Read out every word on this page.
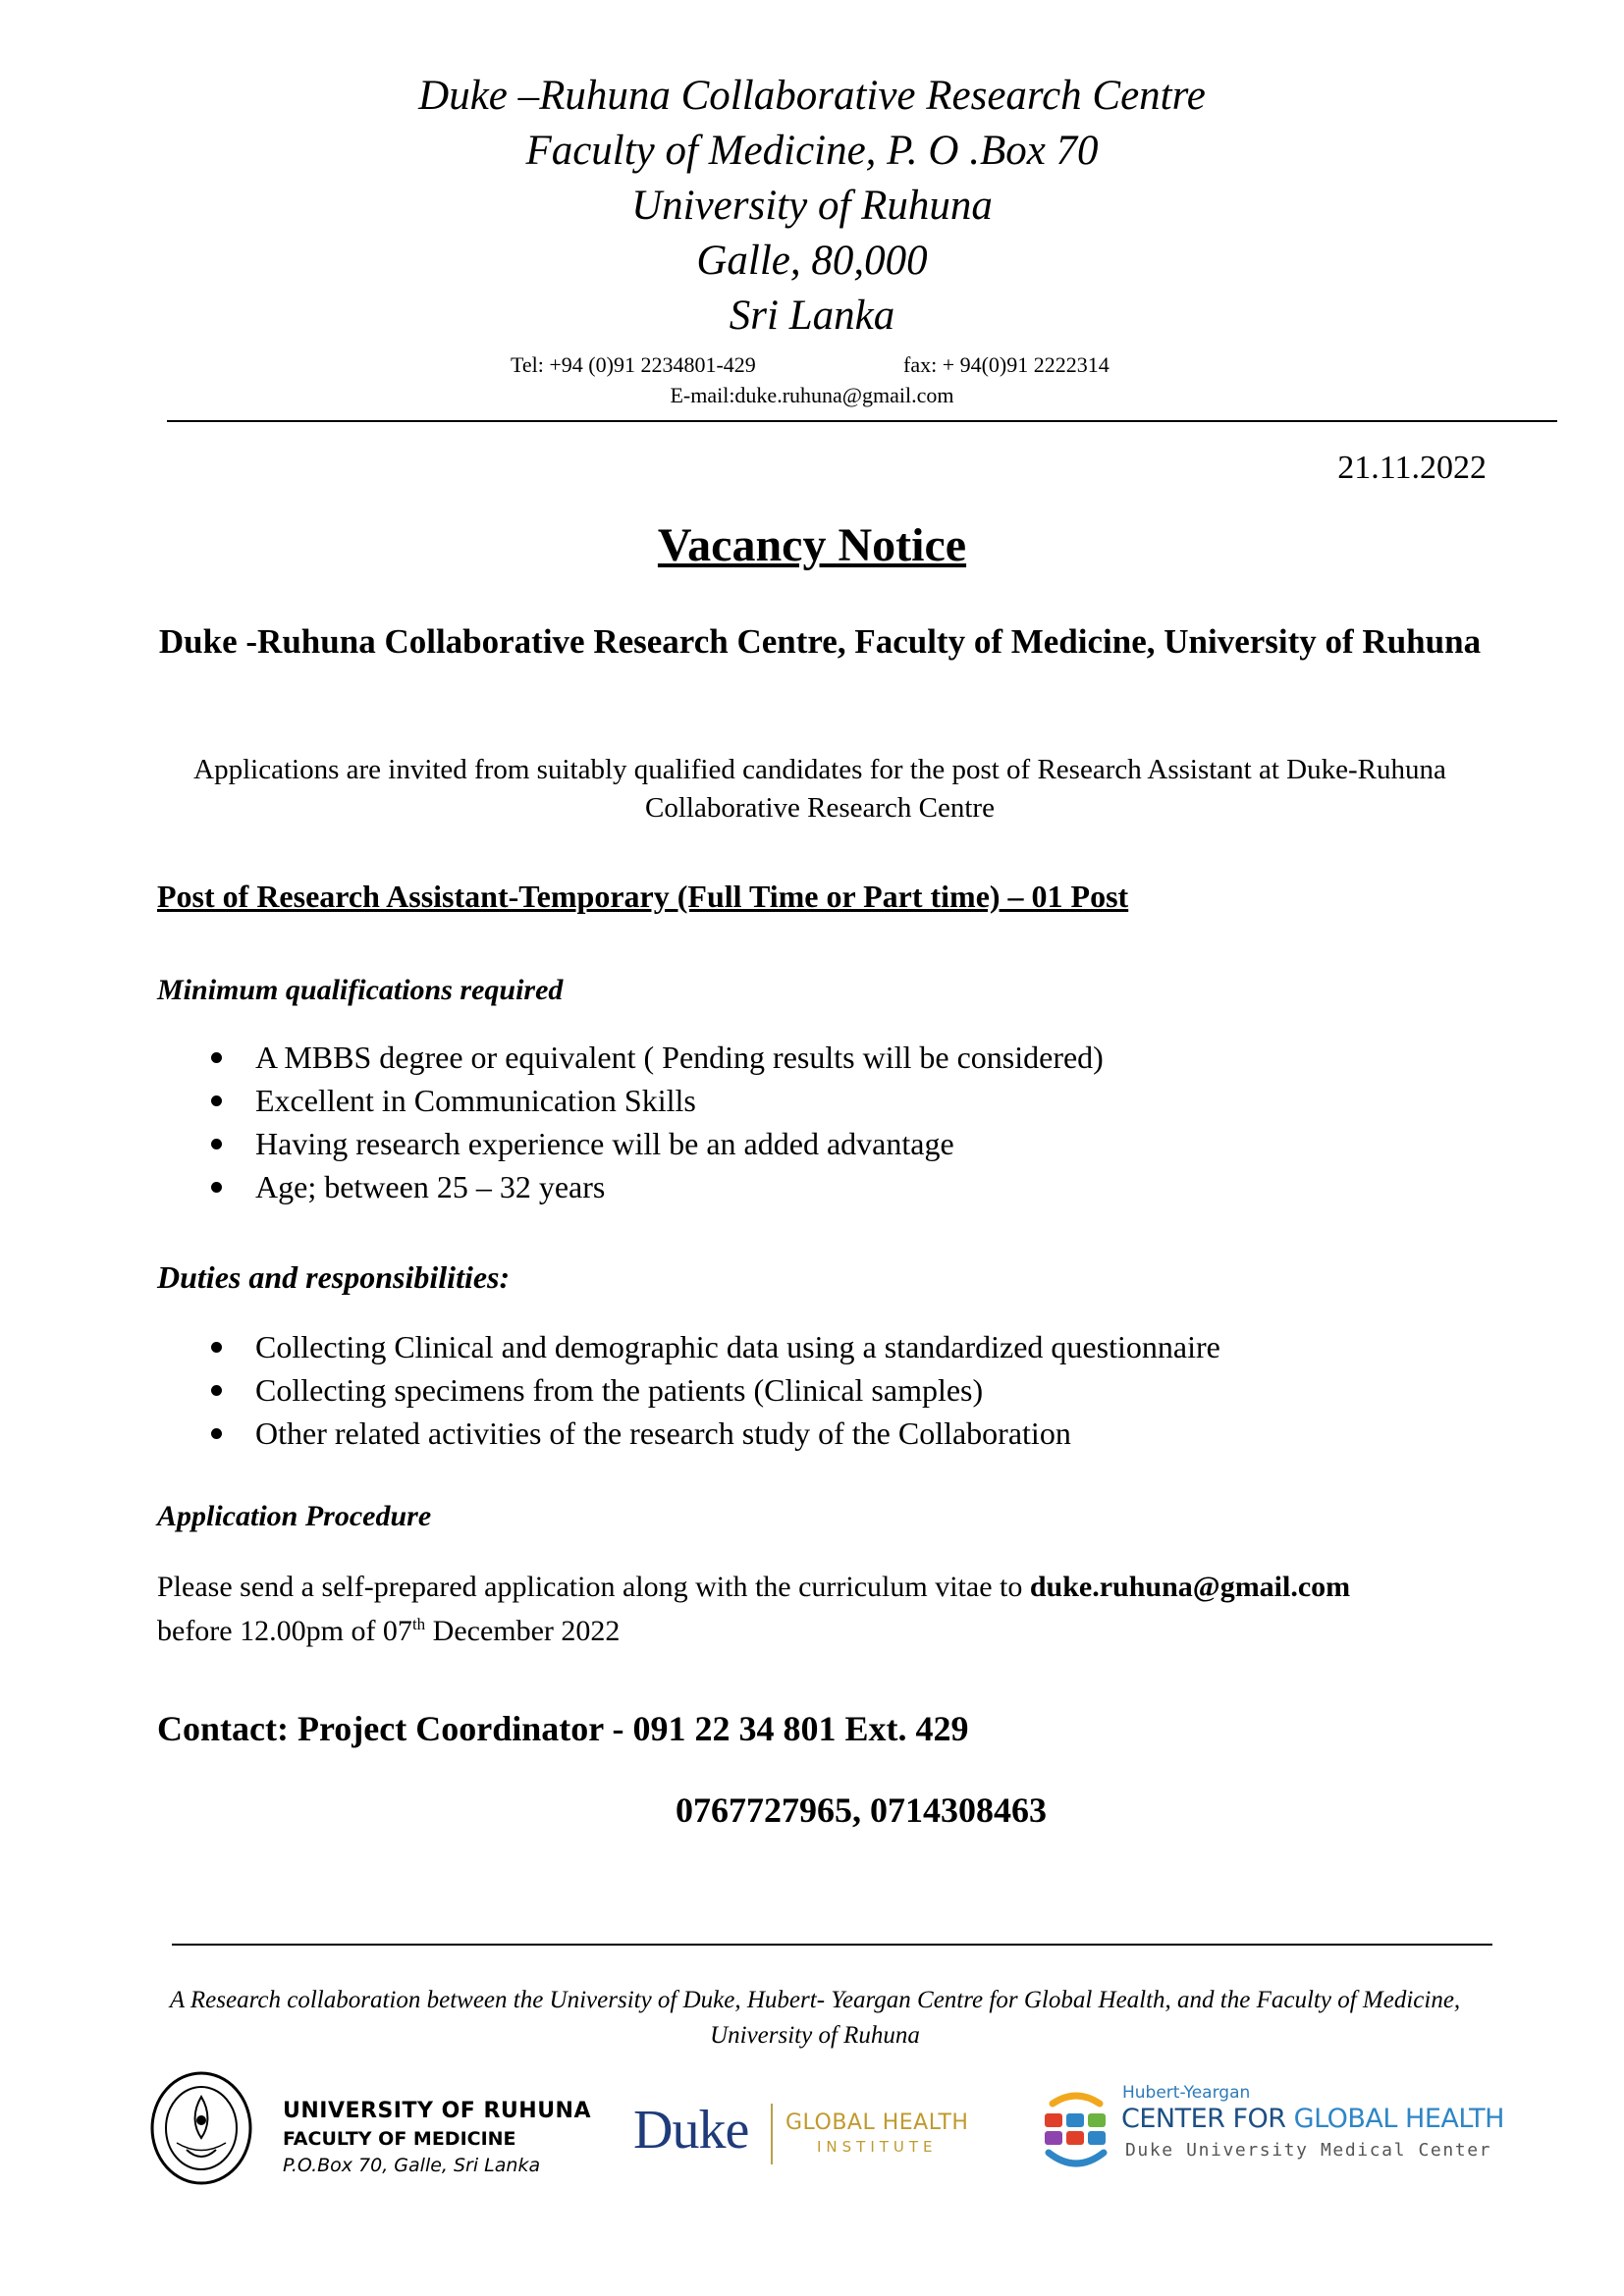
Duke –Ruhuna Collaborative Research Centre
Faculty of Medicine, P. O .Box 70
University of Ruhuna
Galle, 80,000
Sri Lanka
Tel: +94 (0)91 2234801-429	fax: + 94(0)91 2222314
E-mail:duke.ruhuna@gmail.com
21.11.2022
Vacancy Notice
Duke -Ruhuna Collaborative Research Centre, Faculty of Medicine, University of Ruhuna
Applications are invited from suitably qualified candidates for the post of Research Assistant at Duke-Ruhuna Collaborative Research Centre
Post of Research Assistant-Temporary (Full Time or Part time) – 01 Post
Minimum qualifications required
A MBBS degree or equivalent ( Pending results will be considered)
Excellent in Communication Skills
Having research experience will be an added advantage
Age; between 25 – 32 years
Duties and responsibilities:
Collecting Clinical and demographic data using a standardized questionnaire
Collecting specimens from the patients (Clinical samples)
Other related activities of the research study of the Collaboration
Application Procedure
Please send a self-prepared application along with the curriculum vitae to duke.ruhuna@gmail.com
before 12.00pm of 07th December 2022
Contact: Project Coordinator - 091 22 34 801 Ext. 429
0767727965, 0714308463
A Research collaboration between the University of Duke, Hubert- Yeargan Centre for Global Health, and the Faculty of Medicine, University of Ruhuna
UNIVERSITY OF RUHUNA
FACULTY OF MEDICINE
P.O.Box 70, Galle, Sri Lanka
Duke GLOBAL HEALTH
INSTITUTE
Hubert-Yeargan
CENTER FOR GLOBAL HEALTH
Duke University Medical Center
